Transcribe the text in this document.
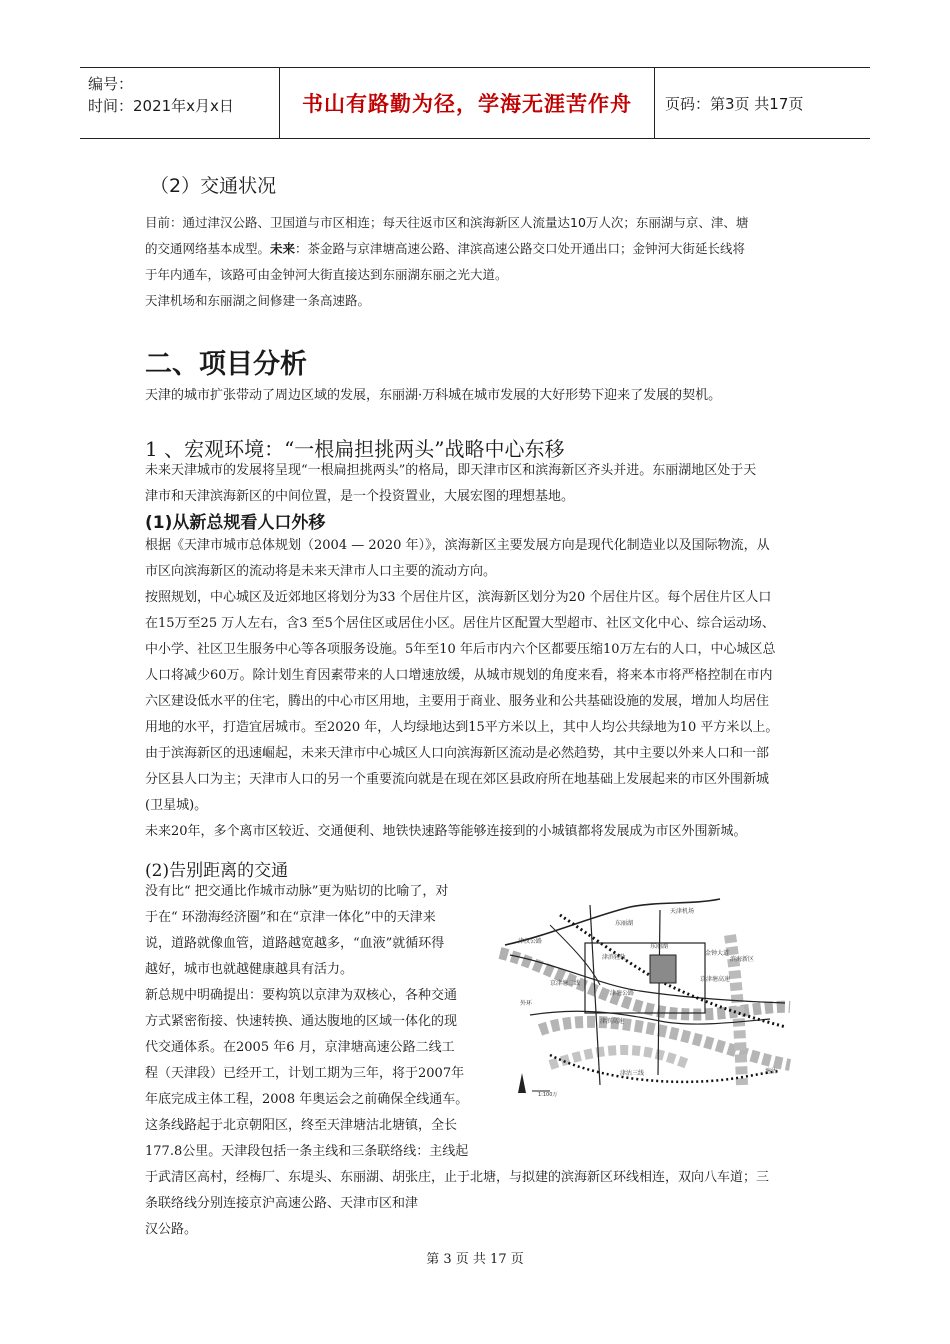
编号：
时间：2021年x月x日	书山有路勤为径，学海无涯苦作舟	页码：第3页 共17页
（2）交通状况
目前：通过津汉公路、卫国道与市区相连；每天往返市区和滨海新区人流量达10万人次；东丽湖与京、津、塘
的交通网络基本成型。未来：茶金路与京津塘高速公路、津滨高速公路交口处开通出口；金钟河大街延长线将
于年内通车，该路可由金钟河大街直接达到东丽湖东丽之光大道。
天津机场和东丽湖之间修建一条高速路。
二、项目分析
天津的城市扩张带动了周边区域的发展，东丽湖·万科城在城市发展的大好形势下迎来了发展的契机。
1 、宏观环境：“一根扁担挑两头”战略中心东移
未来天津城市的发展将呈现“一根扁担挑两头”的格局，即天津市区和滨海新区齐头并进。东丽湖地区处于天
津市和天津滨海新区的中间位置，是一个投资置业，大展宏图的理想基地。
(1)从新总规看人口外移
根据《天津市城市总体规划（2004 — 2020 年）》，滨海新区主要发展方向是现代化制造业以及国际物流，从
市区向滨海新区的流动将是未来天津市人口主要的流动方向。
按照规划，中心城区及近郊地区将划分为33 个居住片区，滨海新区划分为20 个居住片区。每个居住片区人口
在15万至25 万人左右，含3 至5个居住区或居住小区。居住片区配置大型超市、社区文化中心、综合运动场、
中小学、社区卫生服务中心等各项服务设施。5年至10 年后市内六个区都要压缩10万左右的人口，中心城区总
人口将减少60万。除计划生育因素带来的人口增速放缓，从城市规划的角度来看，将来本市将严格控制在市内
六区建设低水平的住宅，腾出的中心市区用地，主要用于商业、服务业和公共基础设施的发展，增加人均居住
用地的水平，打造宜居城市。至2020 年，人均绿地达到15平方米以上，其中人均公共绿地为10 平方米以上。
由于滨海新区的迅速崛起，未来天津市中心城区人口向滨海新区流动是必然趋势，其中主要以外来人口和一部
分区县人口为主；天津市人口的另一个重要流向就是在现在郊区县政府所在地基础上发展起来的市区外围新城
(卫星城)。
未来20年，多个离市区较近、交通便利、地铁快速路等能够连接到的小城镇都将发展成为市区外围新城。
(2)告别距离的交通
没有比“ 把交通比作城市动脉”更为贴切的比喻了，对
于在“ 环渤海经济圈”和在“京津一体化”中的天津来
说，道路就像血管，道路越宽越多，“血液”就循环得
越好，城市也就越健康越具有活力。
新总规中明确提出：要构筑以京津为双核心，各种交通
方式紧密衔接、快速转换、通达腹地的区域一体化的现
代交通体系。在2005 年6 月，京津塘高速公路二线工
程（天津段）已经开工，计划工期为三年，将于2007年
年底完成主体工程，2008 年奥运会之前确保全线通车。
这条线路起于北京朝阳区，终至天津塘沽北塘镇，全长
177.8公里。天津段包括一条主线和三条联络线：主线起
于武清区高村，经梅厂、东堤头、东丽湖、胡张庄，止于北塘，与拟建的滨海新区环线相连，双向八车道；三
条联络线分别连接京沪高速公路、天津市区和津
汉公路。
东丽湖
天津机场
东丽湖
金钟大道
津滨轻轨
京津塘二线
津塘公路
京津塘高速
津汉公路
外环
津滨高速
滨海新区
塘沽
津沽三线
1:100万
第 3 页 共 17 页
